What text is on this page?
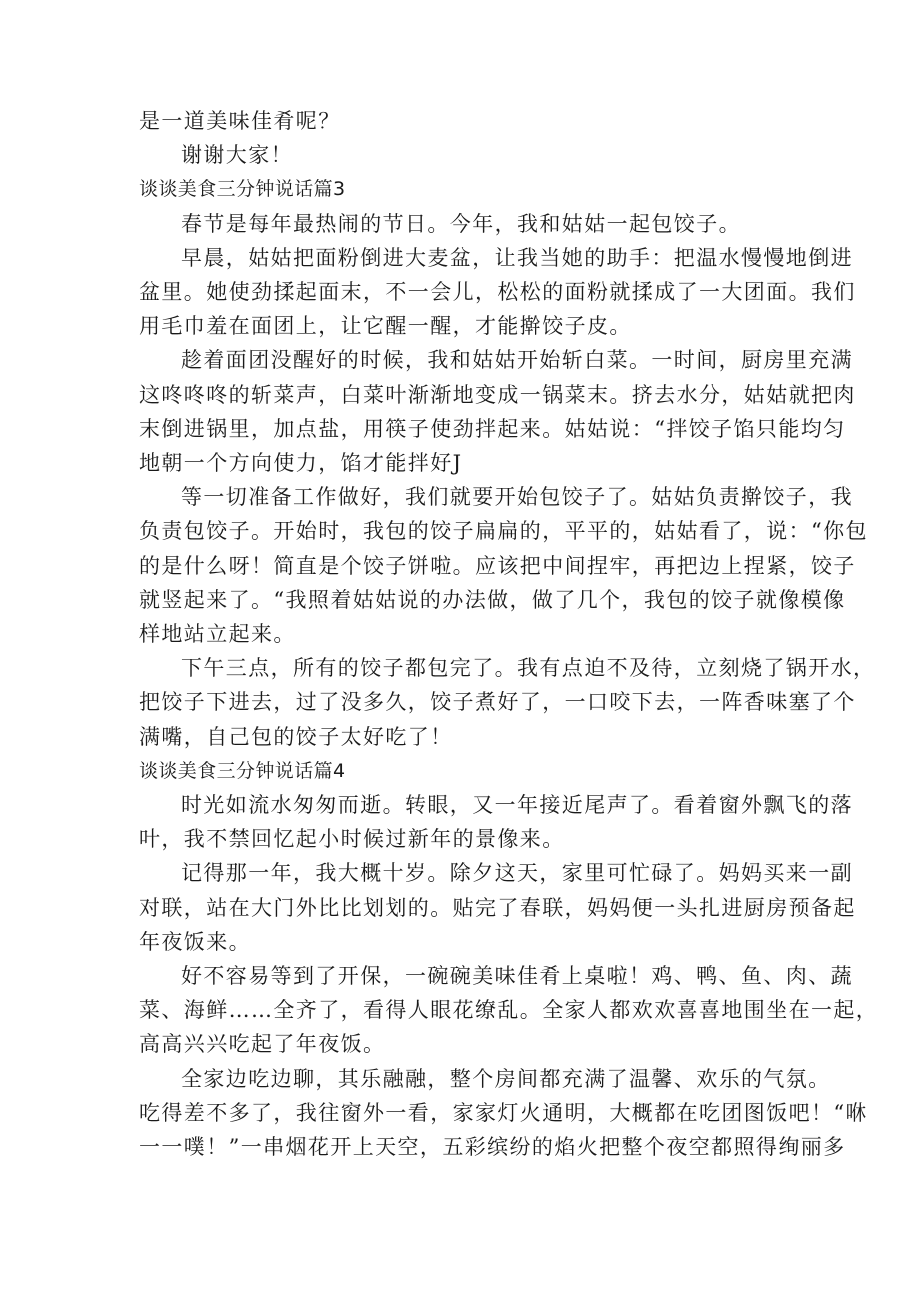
是一道美味佳肴呢？

谢谢大家！

谈谈美食三分钟说话篇3

春节是每年最热闹的节日。今年，我和姑姑一起包饺子。

早晨，姑姑把面粉倒进大麦盆，让我当她的助手：把温水慢慢地倒进

盆里。她使劲揉起面末，不一会儿，松松的面粉就揉成了一大团面。我们

用毛巾羞在面团上，让它醒一醒，才能擀饺子皮。

趁着面团没醒好的时候，我和姑姑开始斩白菜。一时间，厨房里充满

这咚咚咚的斩菜声，白菜叶渐渐地变成一锅菜末。挤去水分，姑姑就把肉

末倒进锅里，加点盐，用筷子使劲拌起来。姑姑说：“拌饺子馅只能均匀

地朝一个方向使力，馅才能拌好J

等一切准备工作做好，我们就要开始包饺子了。姑姑负责擀饺子，我

负责包饺子。开始时，我包的饺子扁扁的，平平的，姑姑看了，说：“你包

的是什么呀！简直是个饺子饼啦。应该把中间捏牢，再把边上捏紧，饺子

就竖起来了。“我照着姑姑说的办法做，做了几个，我包的饺子就像模像

样地站立起来。

下午三点，所有的饺子都包完了。我有点迫不及待，立刻烧了锅开水，

把饺子下进去，过了没多久，饺子煮好了，一口咬下去，一阵香味塞了个

满嘴，自己包的饺子太好吃了！

谈谈美食三分钟说话篇4

时光如流水匆匆而逝。转眼，又一年接近尾声了。看着窗外飘飞的落

叶，我不禁回忆起小时候过新年的景像来。

记得那一年，我大概十岁。除夕这天，家里可忙碌了。妈妈买来一副

对联，站在大门外比比划划的。贴完了春联，妈妈便一头扎进厨房预备起

年夜饭来。

好不容易等到了开保，一碗碗美味佳肴上桌啦！鸡、鸭、鱼、肉、蔬

菜、海鲜……全齐了，看得人眼花缭乱。全家人都欢欢喜喜地围坐在一起，

高高兴兴吃起了年夜饭。

全家边吃边聊，其乐融融，整个房间都充满了温馨、欢乐的气氛。

吃得差不多了，我往窗外一看，家家灯火通明，大概都在吃团图饭吧！“咻

一一噗！”一串烟花开上天空，五彩缤纷的焰火把整个夜空都照得绚丽多
